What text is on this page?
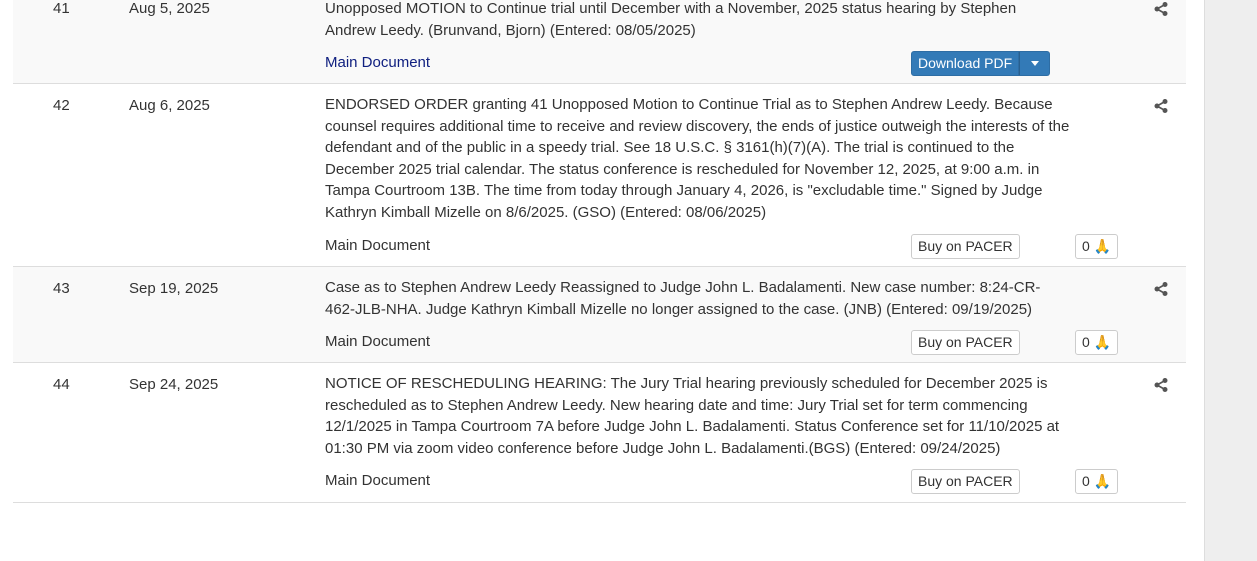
41	Aug 5, 2025	Unopposed MOTION to Continue trial until December with a November, 2025 status hearing by Stephen Andrew Leedy. (Brunvand, Bjorn) (Entered: 08/05/2025)
Main Document	Download PDF
42	Aug 6, 2025	ENDORSED ORDER granting 41 Unopposed Motion to Continue Trial as to Stephen Andrew Leedy. Because counsel requires additional time to receive and review discovery, the ends of justice outweigh the interests of the defendant and of the public in a speedy trial. See 18 U.S.C. § 3161(h)(7)(A). The trial is continued to the December 2025 trial calendar. The status conference is rescheduled for November 12, 2025, at 9:00 a.m. in Tampa Courtroom 13B. The time from today through January 4, 2026, is "excludable time." Signed by Judge Kathryn Kimball Mizelle on 8/6/2025. (GSO) (Entered: 08/06/2025)
Main Document	Buy on PACER	0 🙏
43	Sep 19, 2025	Case as to Stephen Andrew Leedy Reassigned to Judge John L. Badalamenti. New case number: 8:24-CR-462-JLB-NHA. Judge Kathryn Kimball Mizelle no longer assigned to the case. (JNB) (Entered: 09/19/2025)
Main Document	Buy on PACER	0 🙏
44	Sep 24, 2025	NOTICE OF RESCHEDULING HEARING: The Jury Trial hearing previously scheduled for December 2025 is rescheduled as to Stephen Andrew Leedy. New hearing date and time: Jury Trial set for term commencing 12/1/2025 in Tampa Courtroom 7A before Judge John L. Badalamenti. Status Conference set for 11/10/2025 at 01:30 PM via zoom video conference before Judge John L. Badalamenti.(BGS) (Entered: 09/24/2025)
Main Document	Buy on PACER	0 🙏
